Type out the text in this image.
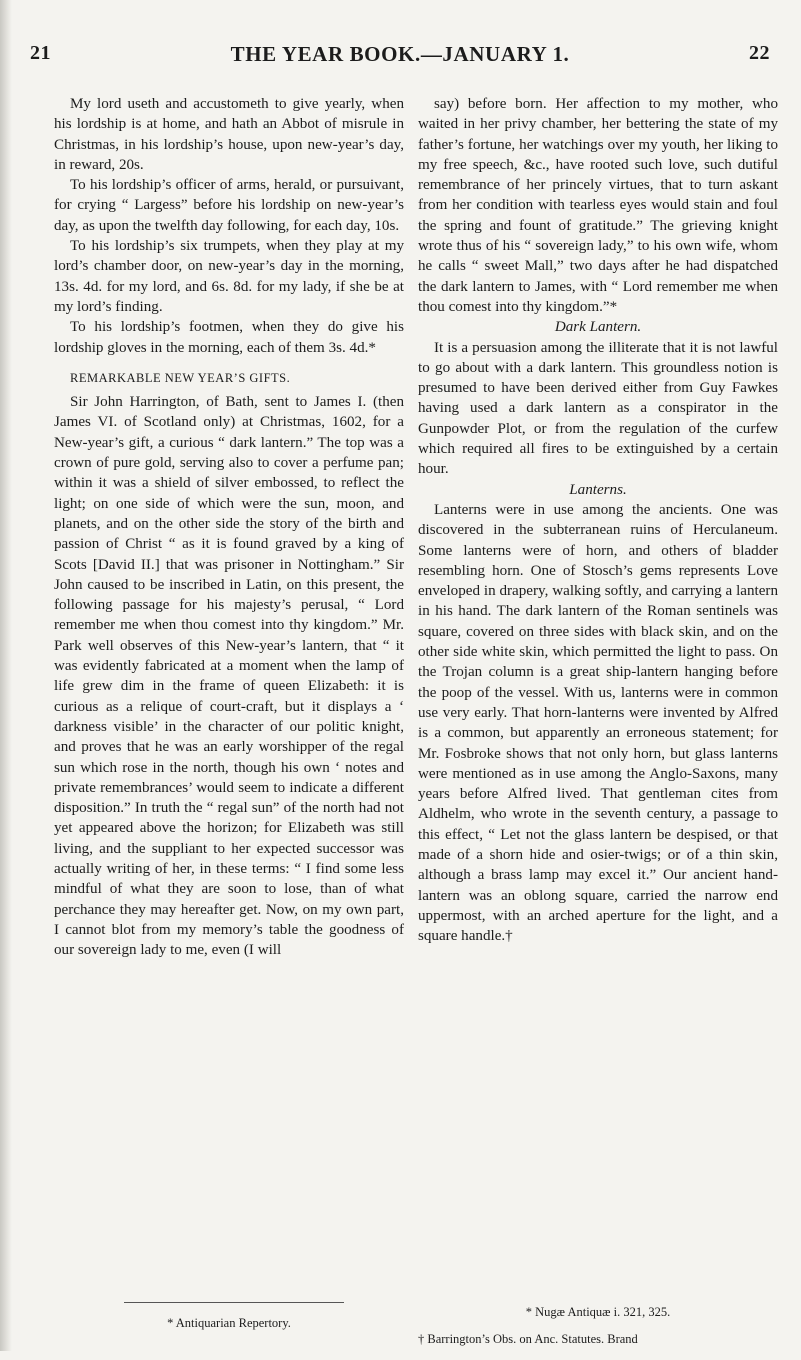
21	THE YEAR BOOK.—JANUARY 1.	22

My lord useth and accustometh to give yearly, when his lordship is at home, and hath an Abbot of misrule in Christmas, in his lordship’s house, upon new-year’s day, in reward, 20s.

To his lordship’s officer of arms, herald, or pursuivant, for crying “ Largess” before his lordship on new-year’s day, as upon the twelfth day following, for each day, 10s.

To his lordship’s six trumpets, when they play at my lord’s chamber door, on new-year’s day in the morning, 13s. 4d. for my lord, and 6s. 8d. for my lady, if she be at my lord’s finding.

To his lordship’s footmen, when they do give his lordship gloves in the morning, each of them 3s. 4d.*

REMARKABLE NEW YEAR’S GIFTS.

Sir John Harrington, of Bath, sent to James I. (then James VI. of Scotland only) at Christmas, 1602, for a New-year’s gift, a curious “ dark lantern.” The top was a crown of pure gold, serving also to cover a perfume pan; within it was a shield of silver embossed, to reflect the light; on one side of which were the sun, moon, and planets, and on the other side the story of the birth and passion of Christ “ as it is found graved by a king of Scots [David II.] that was prisoner in Nottingham.” Sir John caused to be inscribed in Latin, on this present, the following passage for his majesty’s perusal, “ Lord remember me when thou comest into thy kingdom.” Mr. Park well observes of this New-year’s lantern, that “ it was evidently fabricated at a moment when the lamp of life grew dim in the frame of queen Elizabeth: it is curious as a relique of court-craft, but it displays a ‘ darkness visible’ in the character of our politic knight, and proves that he was an early worshipper of the regal sun which rose in the north, though his own ‘ notes and private remembrances’ would seem to indicate a different disposition.” In truth the “ regal sun” of the north had not yet appeared above the horizon; for Elizabeth was still living, and the suppliant to her expected successor was actually writing of her, in these terms: “ I find some less mindful of what they are soon to lose, than of what perchance they may hereafter get. Now, on my own part, I cannot blot from my memory’s table the goodness of our sovereign lady to me, even (I will

* Antiquarian Repertory.

say) before born. Her affection to my mother, who waited in her privy chamber, her bettering the state of my father’s fortune, her watchings over my youth, her liking to my free speech, &c., have rooted such love, such dutiful remembrance of her princely virtues, that to turn askant from her condition with tearless eyes would stain and foul the spring and fount of gratitude.” The grieving knight wrote thus of his “ sovereign lady,” to his own wife, whom he calls “ sweet Mall,” two days after he had dispatched the dark lantern to James, with “ Lord remember me when thou comest into thy kingdom.”*

Dark Lantern.

It is a persuasion among the illiterate that it is not lawful to go about with a dark lantern. This groundless notion is presumed to have been derived either from Guy Fawkes having used a dark lantern as a conspirator in the Gunpowder Plot, or from the regulation of the curfew which required all fires to be extinguished by a certain hour.

Lanterns.

Lanterns were in use among the ancients. One was discovered in the subterranean ruins of Herculaneum. Some lanterns were of horn, and others of bladder resembling horn. One of Stosch’s gems represents Love enveloped in drapery, walking softly, and carrying a lantern in his hand. The dark lantern of the Roman sentinels was square, covered on three sides with black skin, and on the other side white skin, which permitted the light to pass. On the Trojan column is a great ship-lantern hanging before the poop of the vessel. With us, lanterns were in common use very early. That horn-lanterns were invented by Alfred is a common, but apparently an erroneous statement; for Mr. Fosbroke shows that not only horn, but glass lanterns were mentioned as in use among the Anglo-Saxons, many years before Alfred lived. That gentleman cites from Aldhelm, who wrote in the seventh century, a passage to this effect, “ Let not the glass lantern be despised, or that made of a shorn hide and osier-twigs; or of a thin skin, although a brass lamp may excel it.” Our ancient hand-lantern was an oblong square, carried the narrow end uppermost, with an arched aperture for the light, and a square handle.†

* Nugæ Antiquæ i. 321, 325.

† Barrington’s Obs. on Anc. Statutes. Brand
